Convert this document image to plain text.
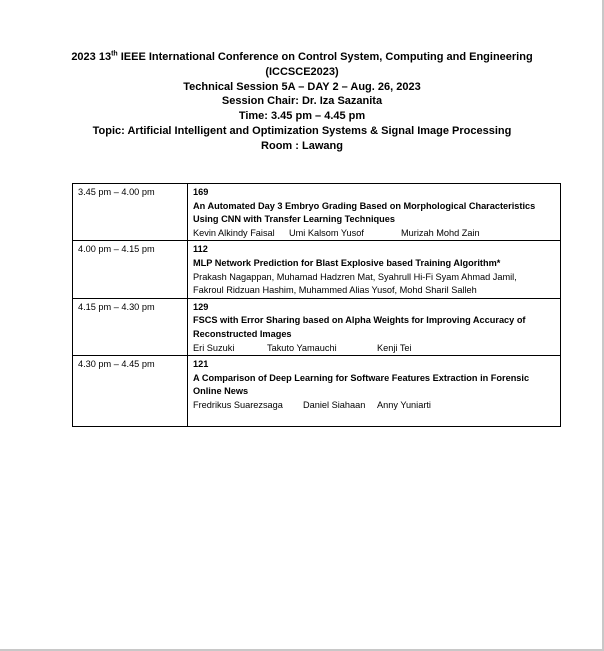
2023 13th IEEE International Conference on Control System, Computing and Engineering
(ICCSCE2023)
Technical Session 5A – DAY 2 – Aug. 26, 2023
Session Chair: Dr. Iza Sazanita
Time: 3.45 pm – 4.45 pm
Topic: Artificial Intelligent and Optimization Systems & Signal Image Processing
Room : Lawang
3.45 pm – 4.00 pm	169
An Automated Day 3 Embryo Grading Based on Morphological Characteristics Using CNN with Transfer Learning Techniques
Kevin Alkindy Faisal Umi Kalsom Yusof Murizah Mohd Zain

4.00 pm – 4.15 pm	112
MLP Network Prediction for Blast Explosive based Training Algorithm*
Prakash Nagappan, Muhamad Hadzren Mat, Syahrull Hi-Fi Syam Ahmad Jamil,
Fakroul Ridzuan Hashim, Muhammed Alias Yusof, Mohd Sharil Salleh

4.15 pm – 4.30 pm	129
FSCS with Error Sharing based on Alpha Weights for Improving Accuracy of Reconstructed Images
Eri Suzuki Takuto Yamauchi Kenji Tei

4.30 pm – 4.45 pm	121
A Comparison of Deep Learning for Software Features Extraction in Forensic Online News
Fredrikus Suarezsaga Daniel Siahaan Anny Yuniarti
